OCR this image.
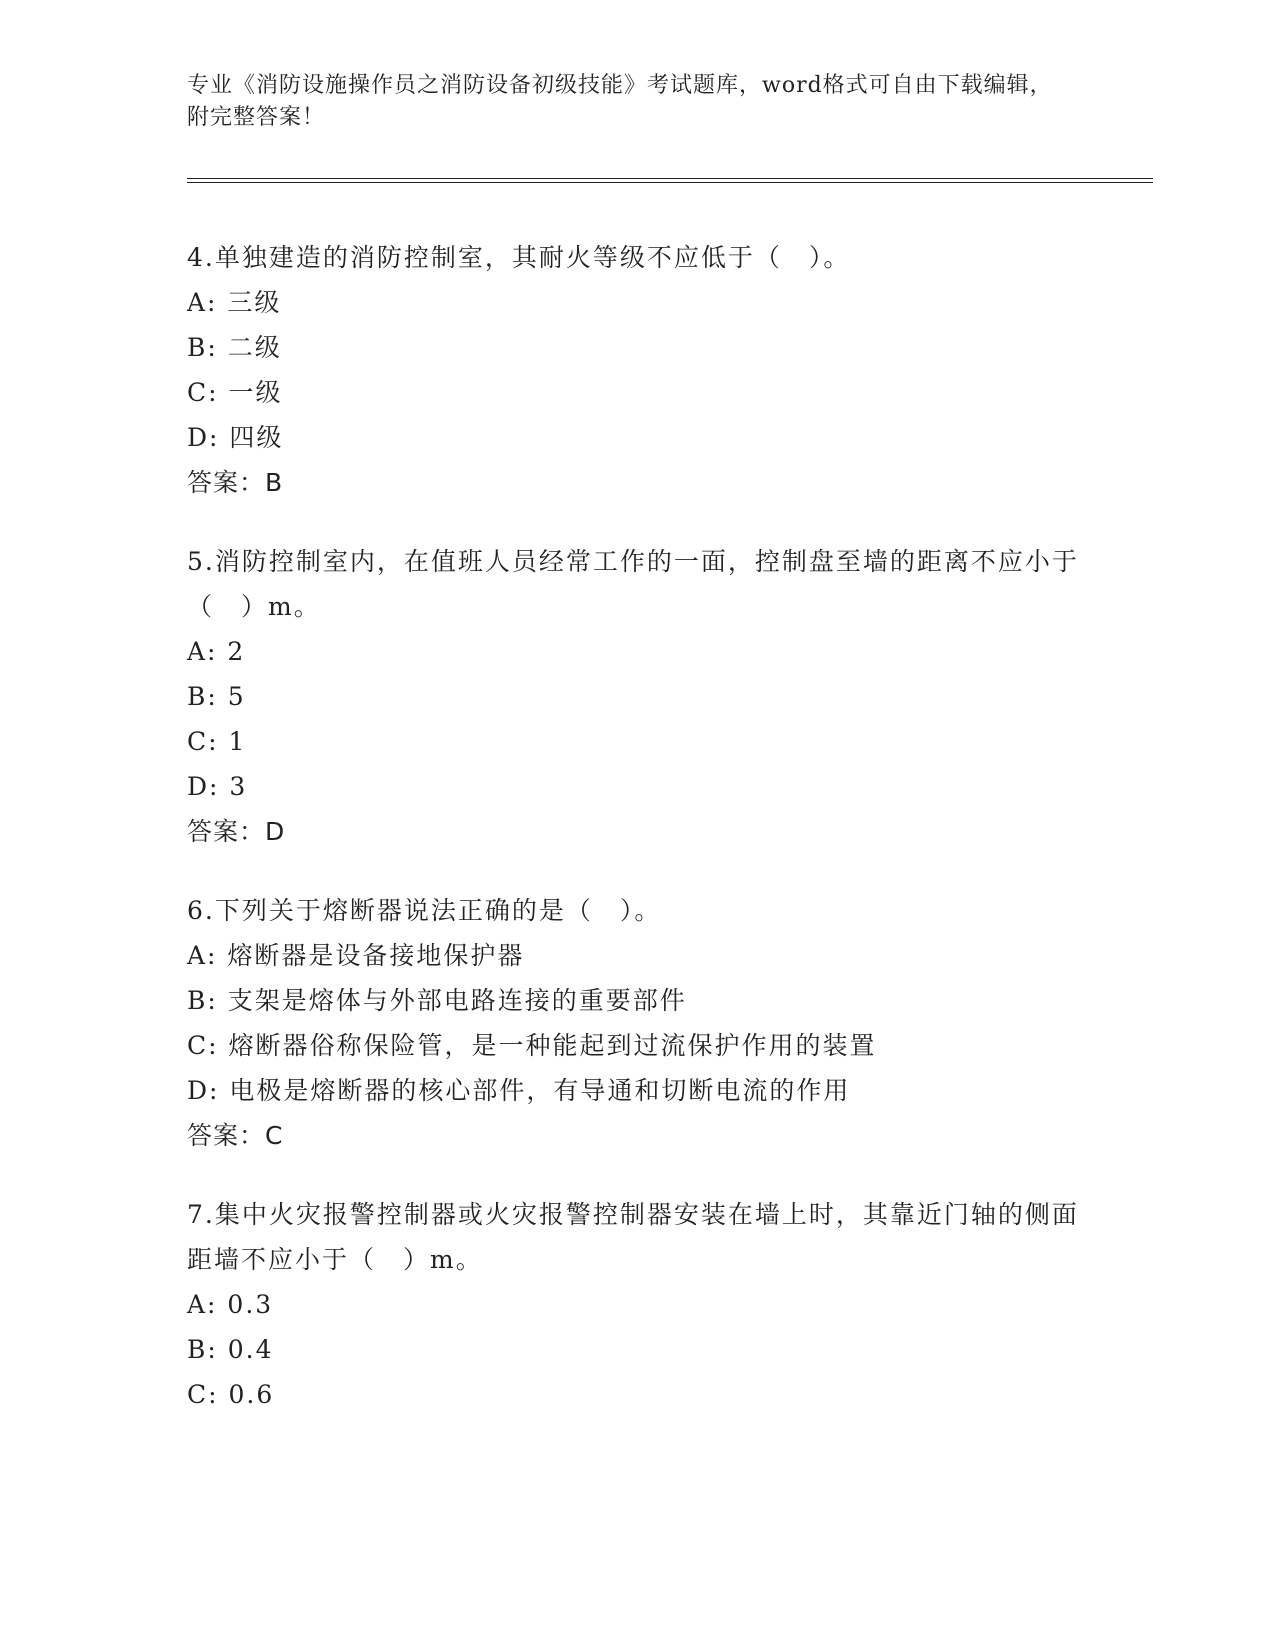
专业《消防设施操作员之消防设备初级技能》考试题库，word格式可自由下载编辑，附完整答案！
4.单独建造的消防控制室，其耐火等级不应低于（　）。
A: 三级
B: 二级
C: 一级
D: 四级
答案：B
5.消防控制室内，在值班人员经常工作的一面，控制盘至墙的距离不应小于（　）m。
A: 2
B: 5
C: 1
D: 3
答案：D
6.下列关于熔断器说法正确的是（　）。
A: 熔断器是设备接地保护器
B: 支架是熔体与外部电路连接的重要部件
C: 熔断器俗称保险管，是一种能起到过流保护作用的装置
D: 电极是熔断器的核心部件，有导通和切断电流的作用
答案：C
7.集中火灾报警控制器或火灾报警控制器安装在墙上时，其靠近门轴的侧面距墙不应小于（　）m。
A: 0.3
B: 0.4
C: 0.6
